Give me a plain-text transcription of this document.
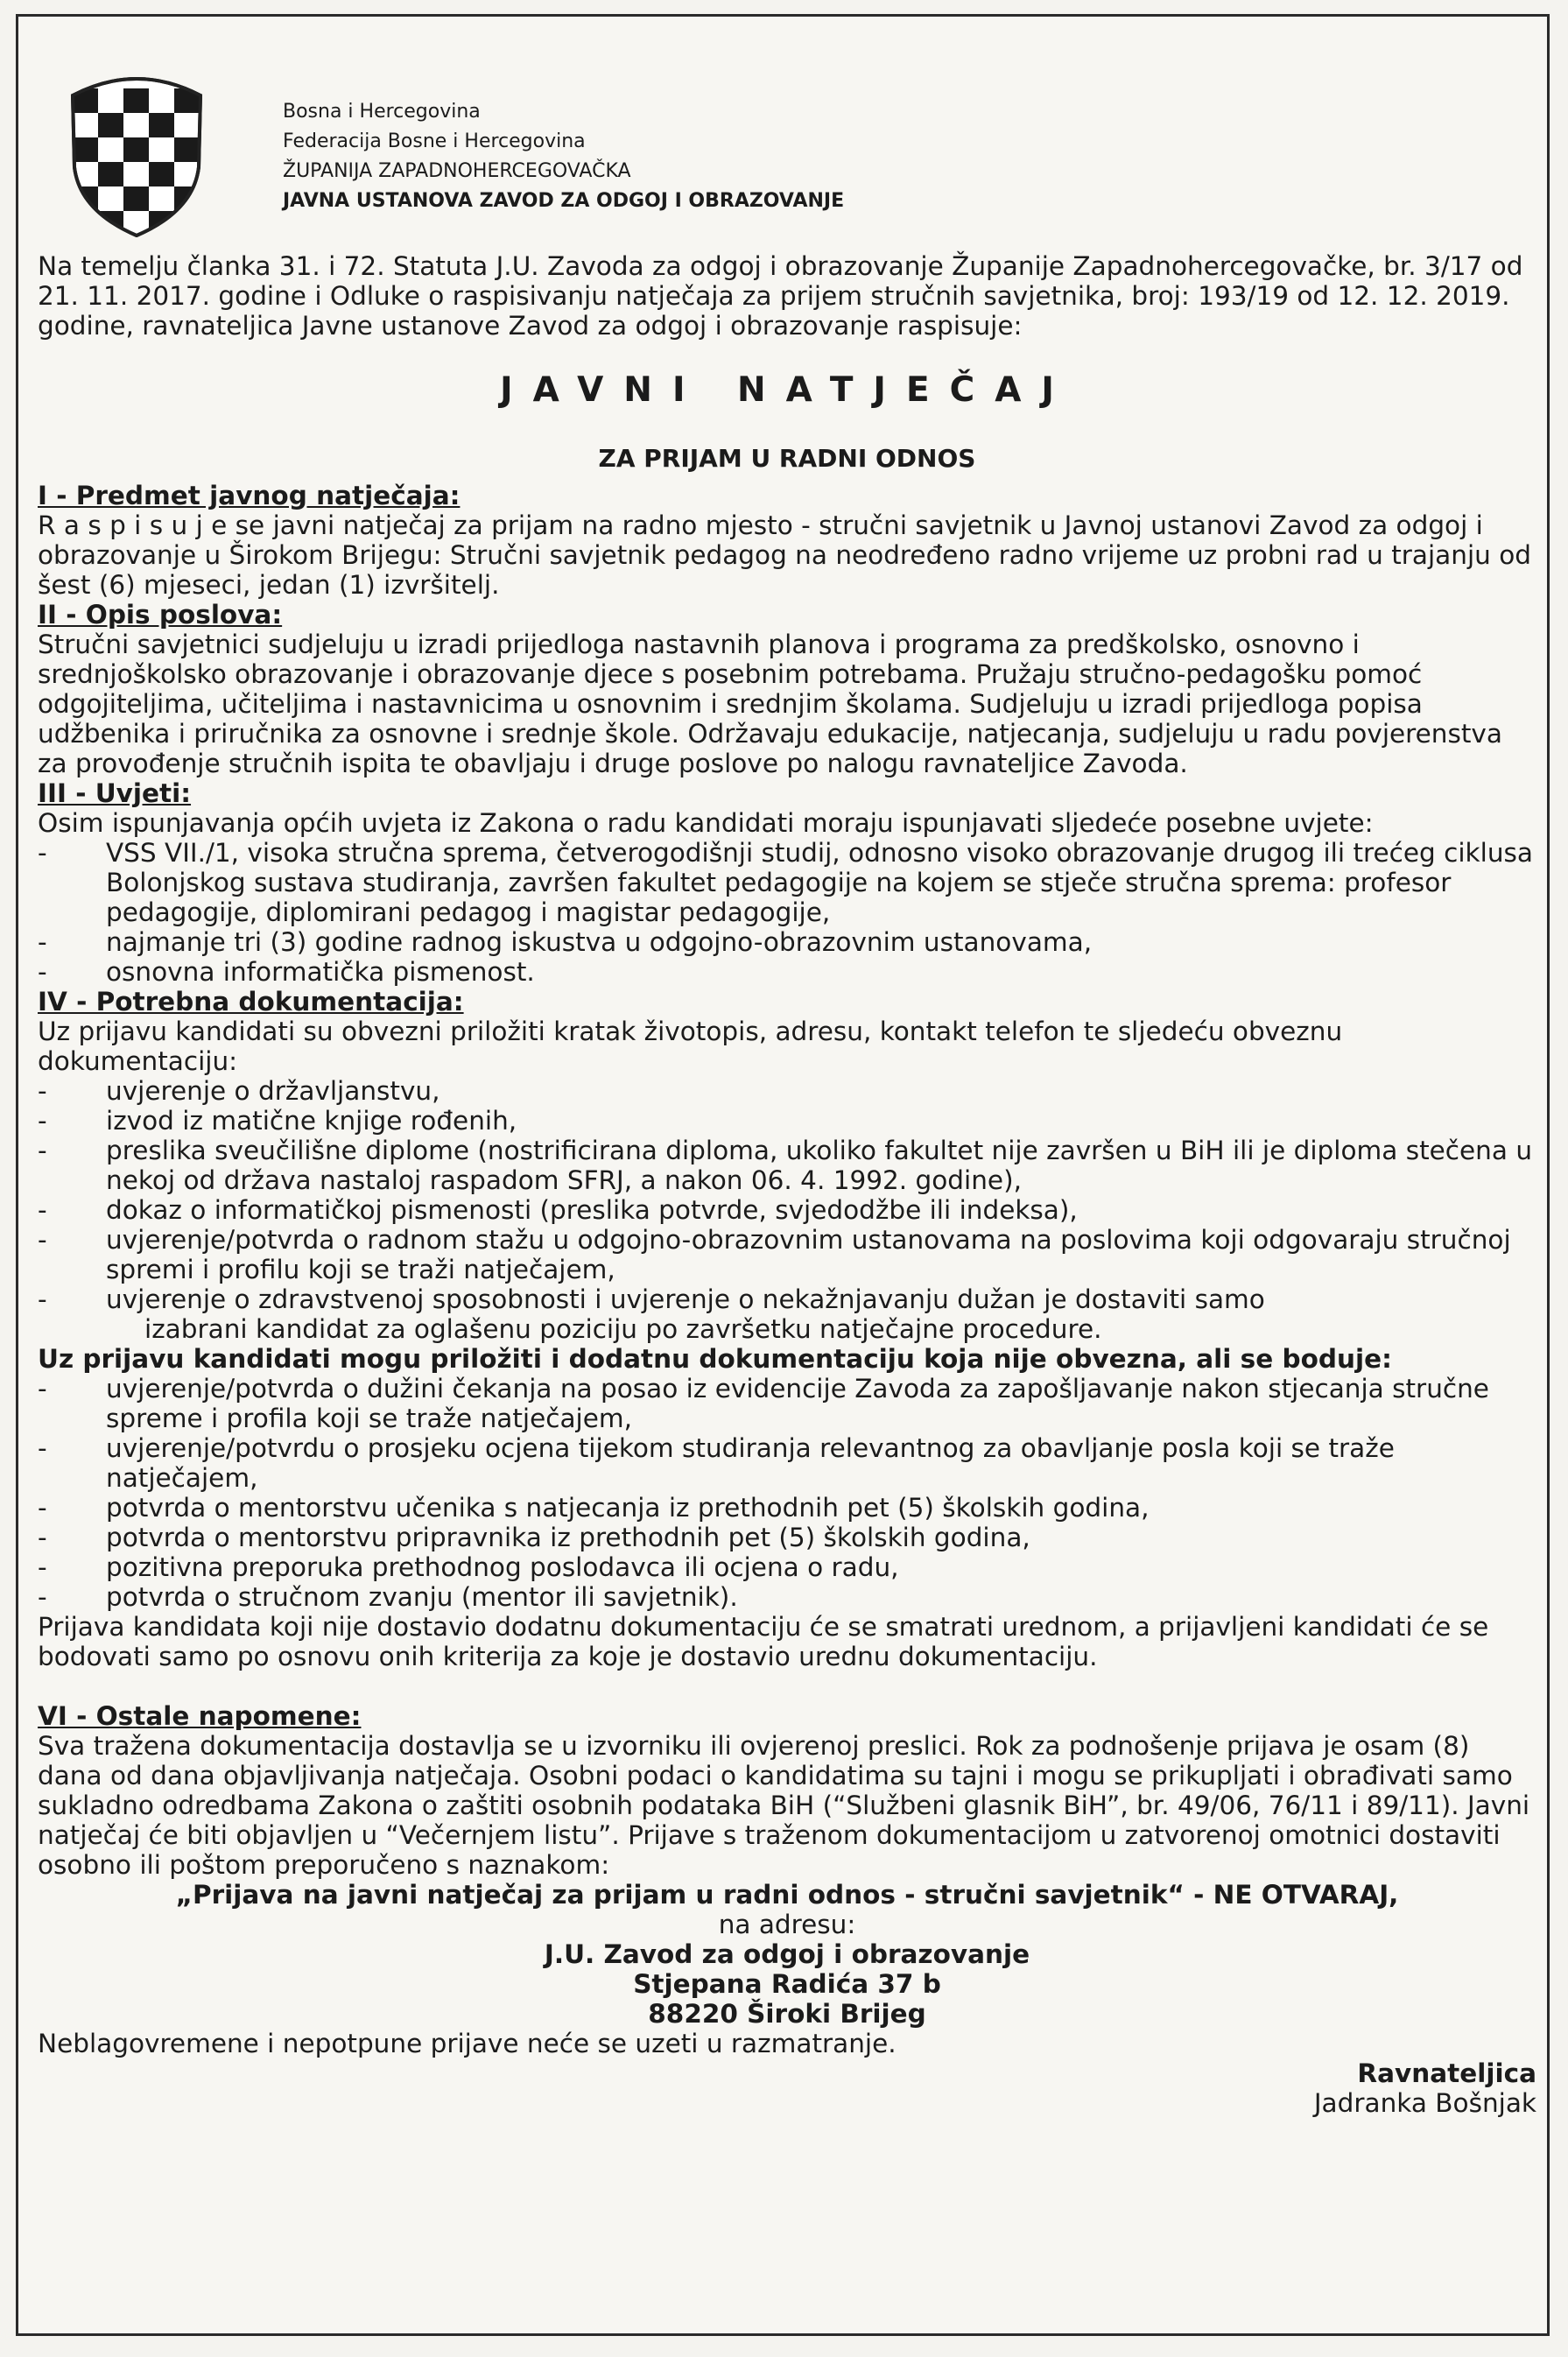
Bosna i Hercegovina
Federacija Bosne i Hercegovina
ŽUPANIJA ZAPADNOHERCEGOVAČKA
JAVNA USTANOVA ZAVOD ZA ODGOJ I OBRAZOVANJE

Na temelju članka 31. i 72. Statuta J.U. Zavoda za odgoj i obrazovanje Županije Zapadnohercegovačke, br. 3/17 od 21. 11. 2017. godine i Odluke o raspisivanju natječaja za prijem stručnih savjetnika, broj: 193/19 od 12. 12. 2019. godine, ravnateljica Javne ustanove Zavod za odgoj i obrazovanje raspisuje:

JAVNI NATJEČAJ
ZA PRIJAM U RADNI ODNOS
I - Predmet javnog natječaja:

R a s p i s u j e se javni natječaj za prijam na radno mjesto - stručni savjetnik u Javnoj ustanovi Zavod za odgoj i obrazovanje u Širokom Brijegu: Stručni savjetnik pedagog na neodređeno radno vrijeme uz probni rad u trajanju od šest (6) mjeseci, jedan (1) izvršitelj.

II - Opis poslova:

Stručni savjetnici sudjeluju u izradi prijedloga nastavnih planova i programa za predškolsko, osnovno i srednjoškolsko obrazovanje i obrazovanje djece s posebnim potrebama. Pružaju stručno-pedagošku pomoć odgojiteljima, učiteljima i nastavnicima u osnovnim i srednjim školama. Sudjeluju u izradi prijedloga popisa udžbenika i priručnika za osnovne i srednje škole. Održavaju edukacije, natjecanja, sudjeluju u radu povjerenstva za provođenje stručnih ispita te obavljaju i druge poslove po nalogu ravnateljice Zavoda.

III - Uvjeti:

Osim ispunjavanja općih uvjeta iz Zakona o radu kandidati moraju ispunjavati sljedeće posebne uvjete:

-	VSS VII./1, visoka stručna sprema, četverogodišnji studij, odnosno visoko obrazovanje drugog ili trećeg ciklusa Bolonjskog sustava studiranja, završen fakultet pedagogije na kojem se stječe stručna sprema: profesor pedagogije, diplomirani pedagog i magistar pedagogije,
-	najmanje tri (3) godine radnog iskustva u odgojno-obrazovnim ustanovama,
-	osnovna informatička pismenost.
IV - Potrebna dokumentacija:

Uz prijavu kandidati su obvezni priložiti kratak životopis, adresu, kontakt telefon te sljedeću obveznu dokumentaciju:

-	uvjerenje o državljanstvu,
-	izvod iz matične knjige rođenih,
-	preslika sveučilišne diplome (nostrificirana diploma, ukoliko fakultet nije završen u BiH ili je diploma stečena u nekoj od država nastaloj raspadom SFRJ, a nakon 06. 4. 1992. godine),
-	dokaz o informatičkoj pismenosti (preslika potvrde, svjedodžbe ili indeksa),
-	uvjerenje/potvrda o radnom stažu u odgojno-obrazovnim ustanovama na poslovima koji odgovaraju stručnoj spremi i profilu koji se traži natječajem,
-	uvjerenje o zdravstvenoj sposobnosti i uvjerenje o nekažnjavanju dužan je dostaviti samo
izabrani kandidat za oglašenu poziciju po završetku natječajne procedure.
Uz prijavu kandidati mogu priložiti i dodatnu dokumentaciju koja nije obvezna, ali se boduje:
-	uvjerenje/potvrda o dužini čekanja na posao iz evidencije Zavoda za zapošljavanje nakon stjecanja stručne spreme i profila koji se traže natječajem,
-	uvjerenje/potvrdu o prosjeku ocjena tijekom studiranja relevantnog za obavljanje posla koji se traže natječajem,
-	potvrda o mentorstvu učenika s natjecanja iz prethodnih pet (5) školskih godina,
-	potvrda o mentorstvu pripravnika iz prethodnih pet (5) školskih godina,
-	pozitivna preporuka prethodnog poslodavca ili ocjena o radu,
-	potvrda o stručnom zvanju (mentor ili savjetnik).

Prijava kandidata koji nije dostavio dodatnu dokumentaciju će se smatrati urednom, a prijavljeni kandidati će se bodovati samo po osnovu onih kriterija za koje je dostavio urednu dokumentaciju.

VI - Ostale napomene:

Sva tražena dokumentacija dostavlja se u izvorniku ili ovjerenoj preslici. Rok za podnošenje prijava je osam (8) dana od dana objavljivanja natječaja. Osobni podaci o kandidatima su tajni i mogu se prikupljati i obrađivati samo sukladno odredbama Zakona o zaštiti osobnih podataka BiH (“Službeni glasnik BiH”, br. 49/06, 76/11 i 89/11). Javni natječaj će biti objavljen u “Večernjem listu”. Prijave s traženom dokumentacijom u zatvorenoj omotnici dostaviti osobno ili poštom preporučeno s naznakom:

„Prijava na javni natječaj za prijam u radni odnos - stručni savjetnik“ - NE OTVARAJ,
na adresu:
J.U. Zavod za odgoj i obrazovanje
Stjepana Radića 37 b
88220 Široki Brijeg

Neblagovremene i nepotpune prijave neće se uzeti u razmatranje.

Ravnateljica
Jadranka Bošnjak
